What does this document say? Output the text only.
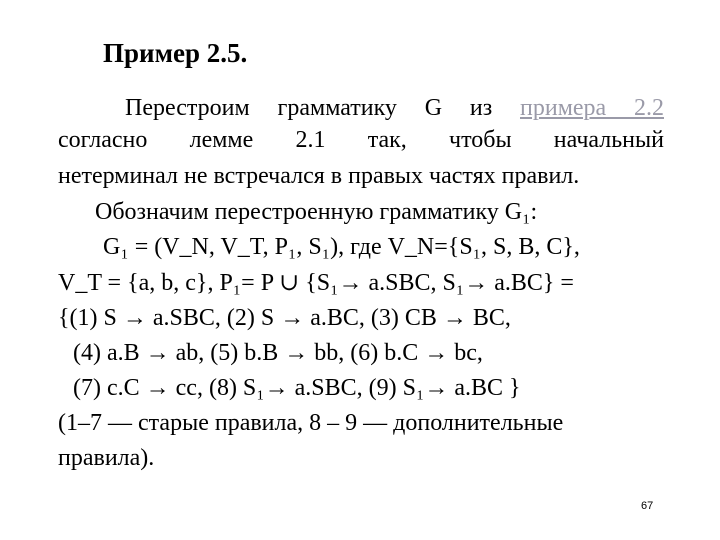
Пример 2.5.
Перестроим грамматику G из примера 2.2
согласно лемме 2.1 так, чтобы начальный
нетерминал не встречался в правых частях правил.
Обозначим перестроенную грамматику G₁:
G₁ = (V_N, V_T, P₁, S₁), где V_N={S₁, S, B, C},
V_T = {a, b, c}, P₁= P ∪ {S₁→ a.SBC, S₁→ a.BC} =
{(1) S → a.SBC, (2) S → a.BC, (3) CB → BC,
(4) a.B → ab, (5) b.B → bb, (6) b.C → bc,
(7) c.C → cc, (8) S₁→ a.SBC, (9) S₁→ a.BC }
(1–7 — старые правила, 8 – 9 — дополнительные
правила).
67
